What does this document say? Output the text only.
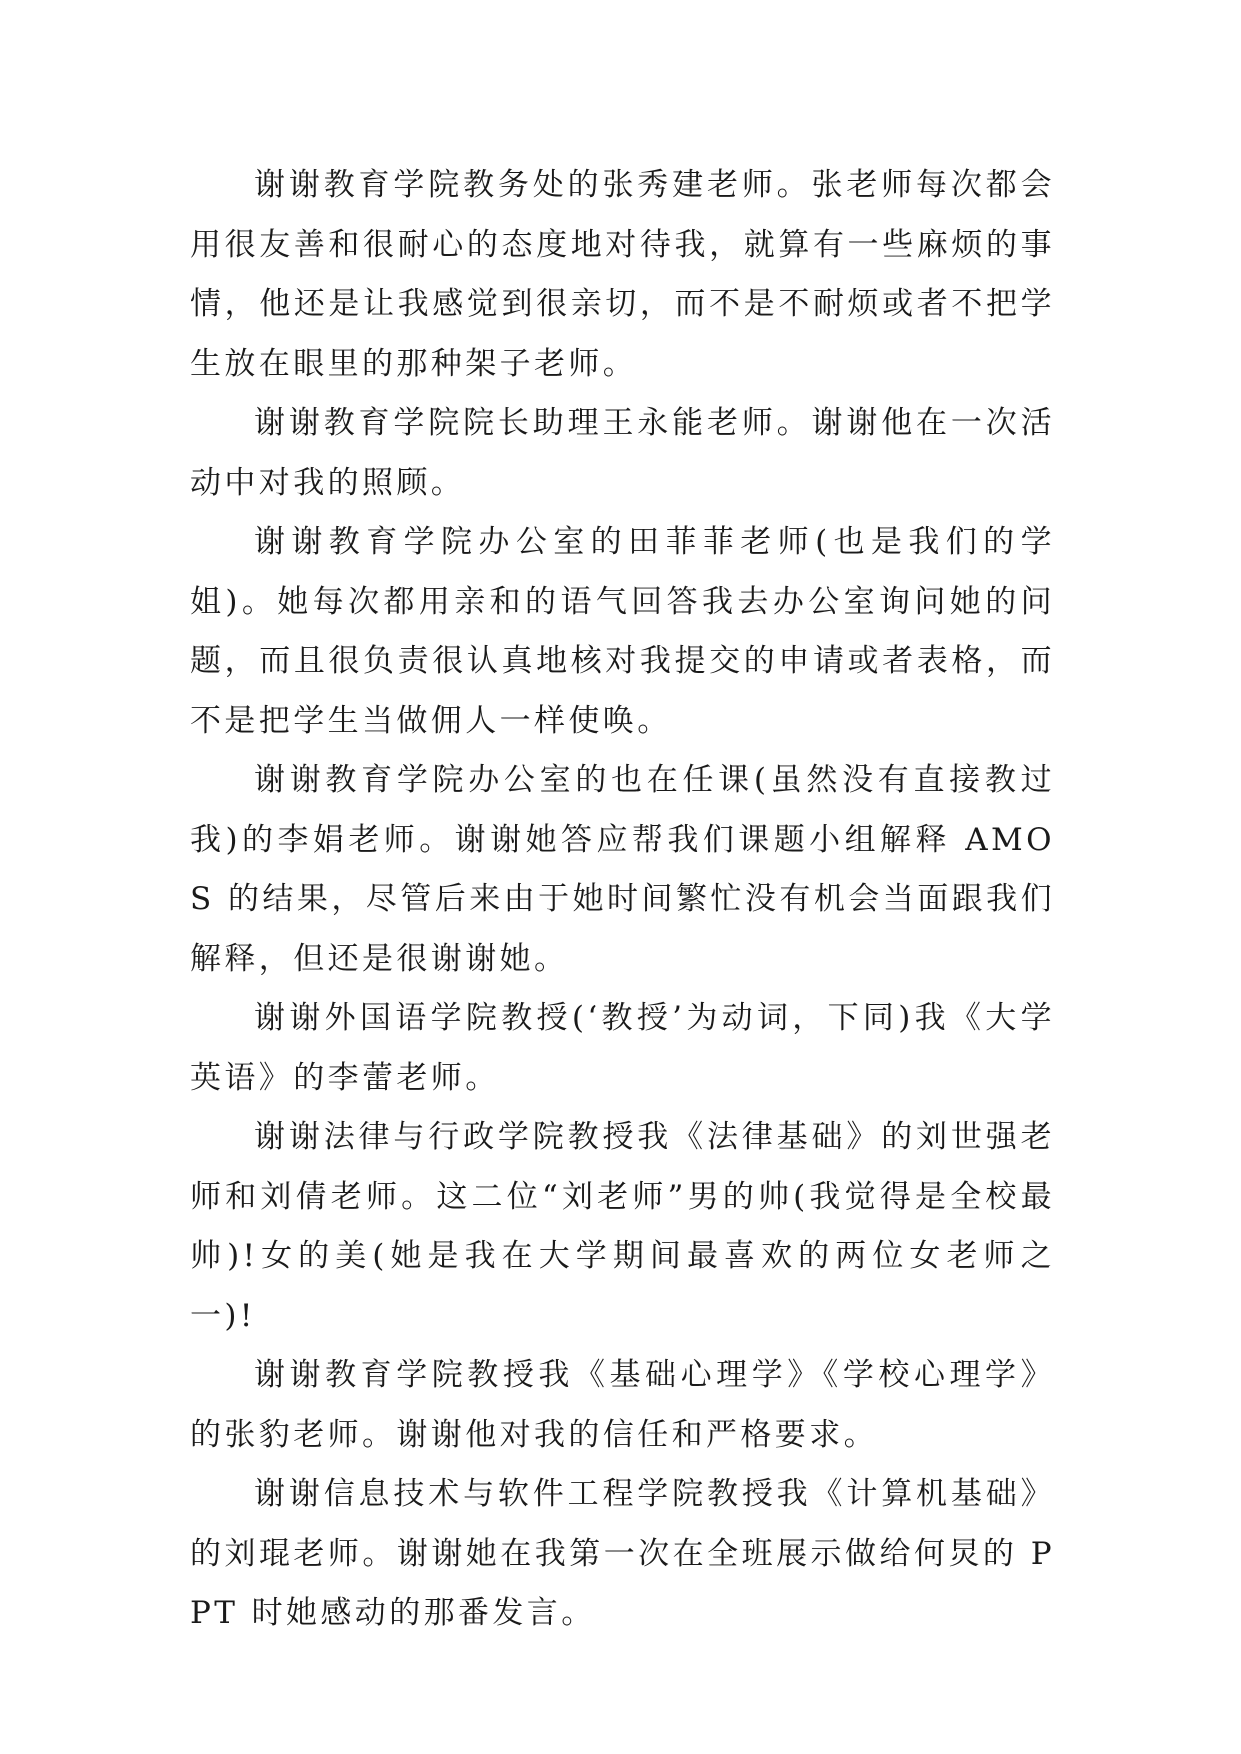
谢谢教育学院教务处的张秀建老师。张老师每次都会用很友善和很耐心的态度地对待我，就算有一些麻烦的事情，他还是让我感觉到很亲切，而不是不耐烦或者不把学生放在眼里的那种架子老师。

谢谢教育学院院长助理王永能老师。谢谢他在一次活动中对我的照顾。

谢谢教育学院办公室的田菲菲老师(也是我们的学姐)。她每次都用亲和的语气回答我去办公室询问她的问题，而且很负责很认真地核对我提交的申请或者表格，而不是把学生当做佣人一样使唤。

谢谢教育学院办公室的也在任课(虽然没有直接教过我)的李娟老师。谢谢她答应帮我们课题小组解释 AMOS 的结果，尽管后来由于她时间繁忙没有机会当面跟我们解释，但还是很谢谢她。

谢谢外国语学院教授(‘教授’为动词，下同)我《大学英语》的李蕾老师。

谢谢法律与行政学院教授我《法律基础》的刘世强老师和刘倩老师。这二位“刘老师”男的帅(我觉得是全校最帅)!女的美(她是我在大学期间最喜欢的两位女老师之一)!

谢谢教育学院教授我《基础心理学》《学校心理学》的张豹老师。谢谢他对我的信任和严格要求。

谢谢信息技术与软件工程学院教授我《计算机基础》的刘琨老师。谢谢她在我第一次在全班展示做给何炅的 PPT 时她感动的那番发言。
